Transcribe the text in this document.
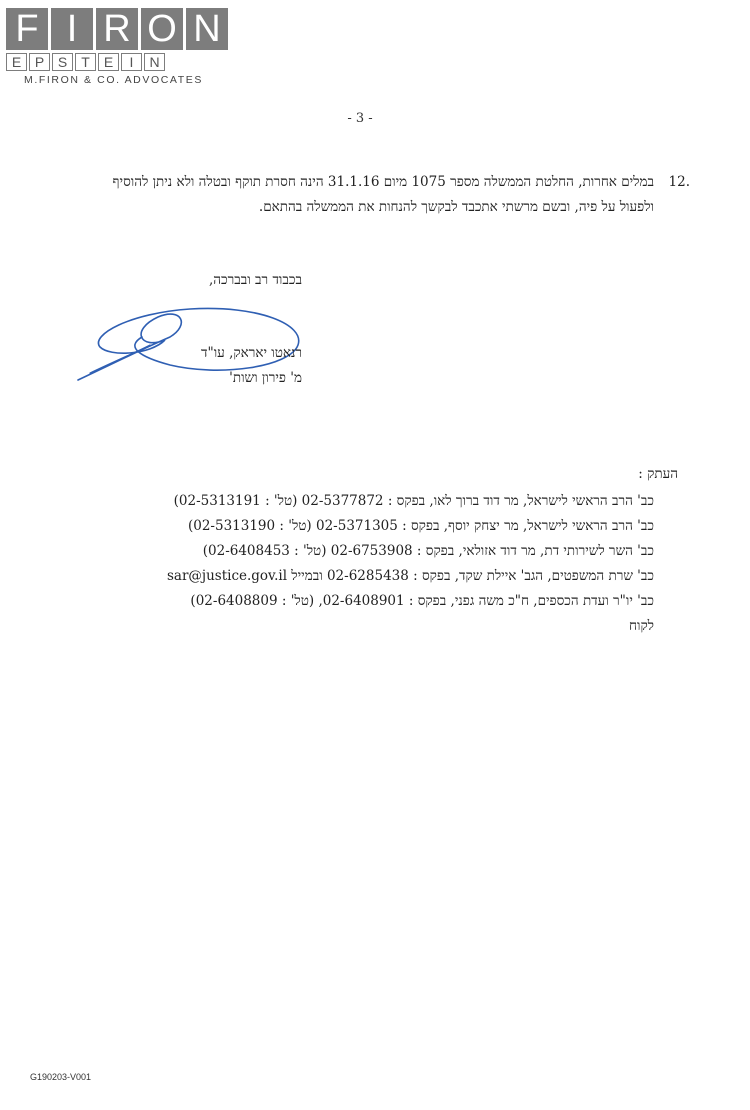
F I R O N
E P S	T	E	I	N
M.FIRON & CO. ADVOCATES
- 3 -
12.
במלים אחרות, החלטת הממשלה מספר 1075 מיום 31.1.16 הינה חסרת תוקף ובטלה ולא ניתן להוסיף
ולפעול על פיה, ובשם מרשתי אתכבד לבקשך להנחות את הממשלה בהתאם.
בכבוד רב ובברכה,
רנאטו יאראק, עו"ד
מ' פירון ושות'
העתק :
כב' הרב הראשי לישראל, מר דוד ברוך לאו, בפקס : 02-5377872 (טל' : 02-5313191)
כב' הרב הראשי לישראל, מר יצחק יוסף, בפקס : 02-5371305 (טל' : 02-5313190)
כב' השר לשירותי דת, מר דוד אזולאי, בפקס : 02-6753908 (טל' : 02-6408453)
כב' שרת המשפטים, הגב' איילת שקד, בפקס : 02-6285438 ובמייל sar@justice.gov.il
כב' יו"ר ועדת הכספים, ח"כ משה גפני, בפקס : 02-6408901, (טל' : 02-6408809)
לקוח
G190203-V001
